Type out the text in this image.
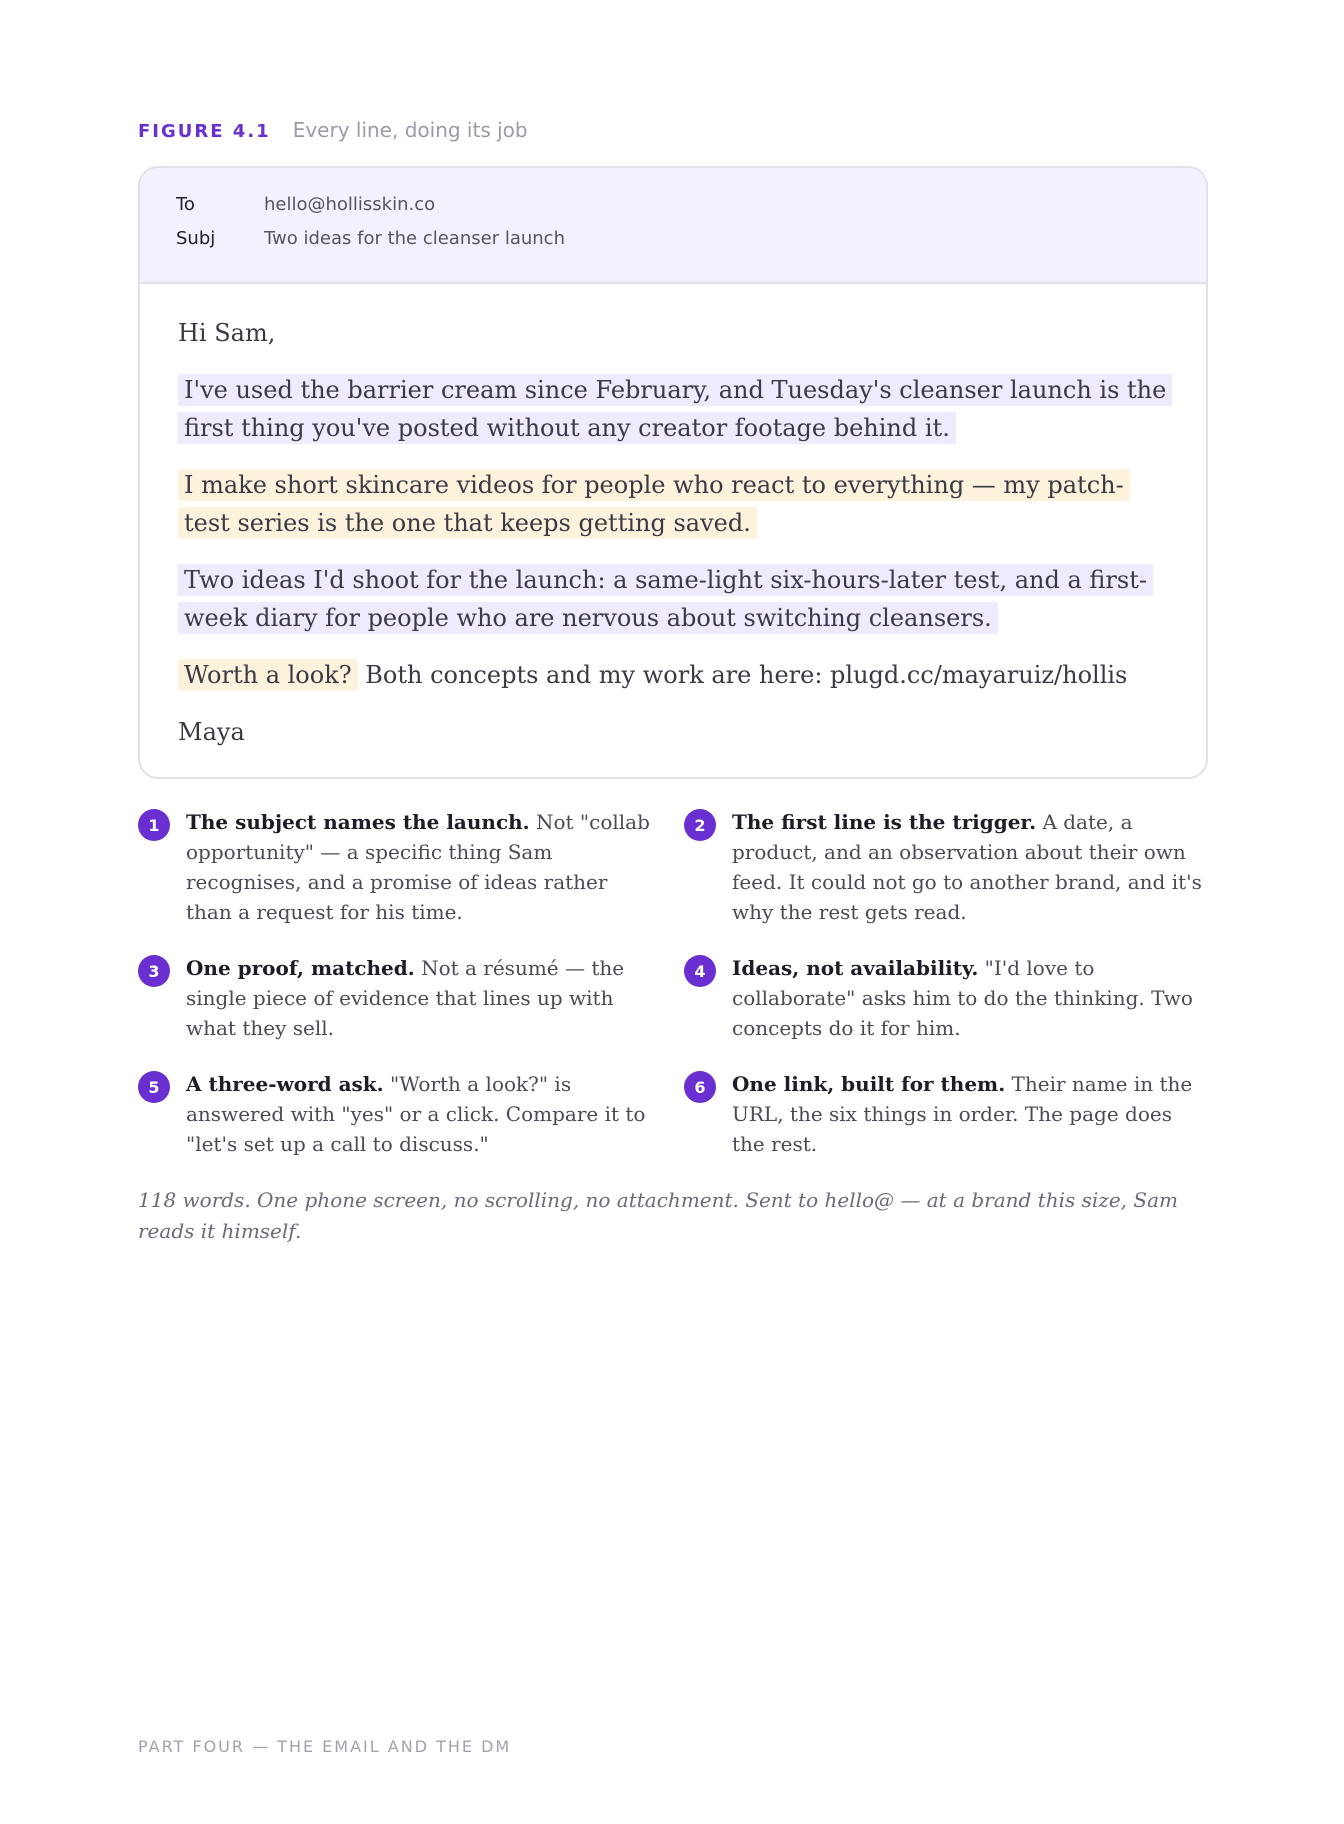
FIGURE 4.1 Every line, doing its job
To	hello@hollisskin.co
Subj	Two ideas for the cleanser launch

Hi Sam,

I've used the barrier cream since February, and Tuesday's cleanser launch is the first thing you've posted without any creator footage behind it.

I make short skincare videos for people who react to everything — my patch-test series is the one that keeps getting saved.

Two ideas I'd shoot for the launch: a same-light six-hours-later test, and a first-week diary for people who are nervous about switching cleansers.

Worth a look? Both concepts and my work are here: plugd.cc/mayaruiz/hollis

Maya

1	The subject names the launch. Not "collab opportunity" — a specific thing Sam recognises, and a promise of ideas rather than a request for his time.
2	The first line is the trigger. A date, a product, and an observation about their own feed. It could not go to another brand, and it's why the rest gets read.
3	One proof, matched. Not a résumé — the single piece of evidence that lines up with what they sell.
4	Ideas, not availability. "I'd love to collaborate" asks him to do the thinking. Two concepts do it for him.
5	A three-word ask. "Worth a look?" is answered with "yes" or a click. Compare it to "let's set up a call to discuss."
6	One link, built for them. Their name in the URL, the six things in order. The page does the rest.

118 words. One phone screen, no scrolling, no attachment. Sent to hello@ — at a brand this size, Sam reads it himself.

PART FOUR — THE EMAIL AND THE DM
